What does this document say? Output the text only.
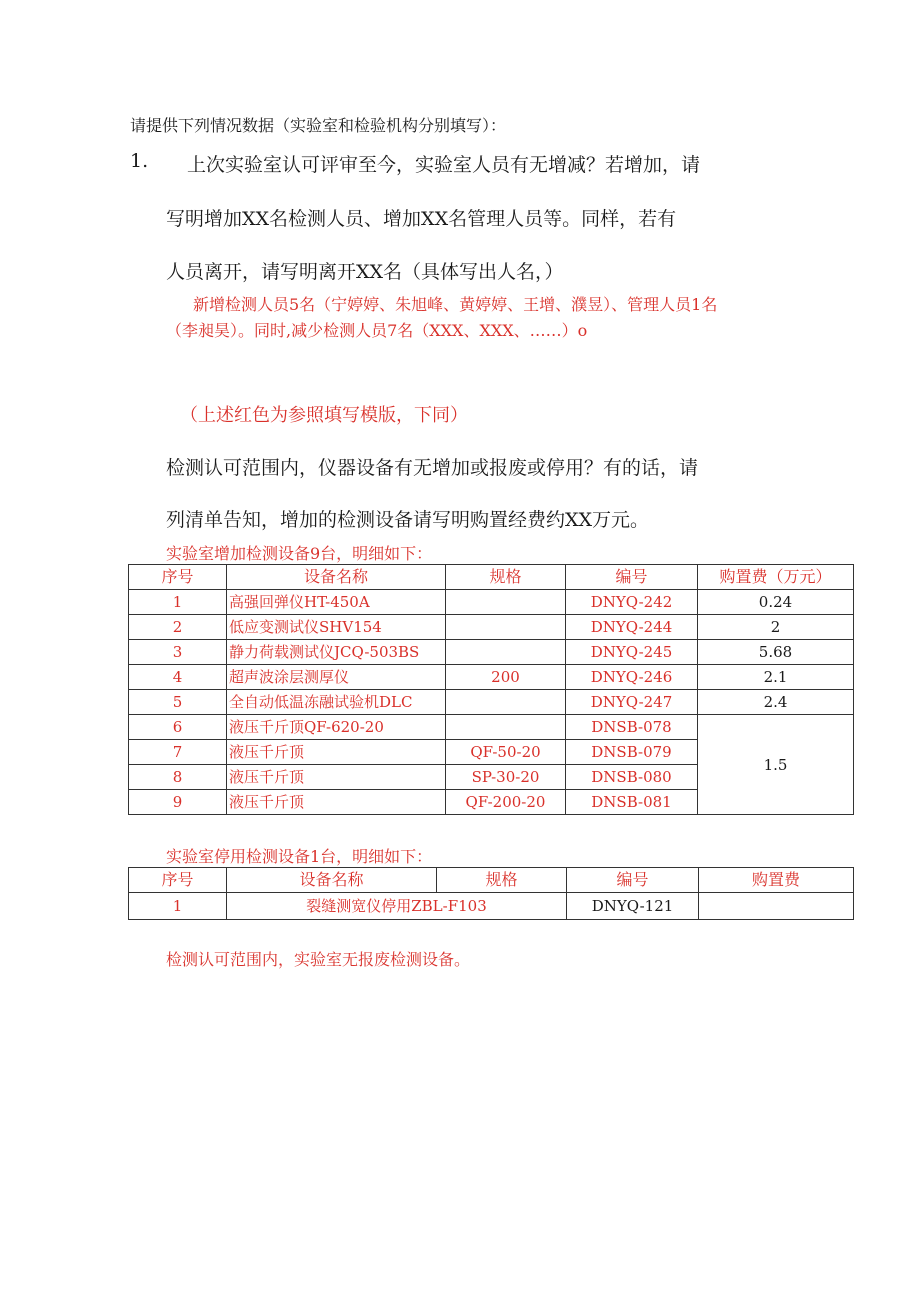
请提供下列情况数据（实验室和检验机构分别填写）：
1. 上次实验室认可评审至今，实验室人员有无增减？若增加，请
写明增加XX名检测人员、增加XX名管理人员等。同样，若有
人员离开，请写明离开XX名（具体写出人名，）
新增检测人员5名（宁婷婷、朱旭峰、黄婷婷、王增、濮昱）、管理人员1名
（李昶昊）。同时,减少检测人员7名（XXX、XXX、……）o
（上述红色为参照填写模版，下同）
检测认可范围内，仪器设备有无增加或报废或停用？有的话，请
列清单告知，增加的检测设备请写明购置经费约XX万元。
实验室增加检测设备9台，明细如下：
序号	设备名称	规格	编号	购置费（万元）
1	高强回弹仪HT-450A		DNYQ-242	0.24
2	低应变测试仪SHV154		DNYQ-244	2
3	静力荷载测试仪JCQ-503BS		DNYQ-245	5.68
4	超声波涂层测厚仪	200	DNYQ-246	2.1
5	全自动低温冻融试验机DLC		DNYQ-247	2.4
6	液压千斤顶QF-620-20		DNSB-078	1.5
7	液压千斤顶	QF-50-20	DNSB-079	
8	液压千斤顶	SP-30-20	DNSB-080	
9	液压千斤顶	QF-200-20	DNSB-081	
实验室停用检测设备1台，明细如下：
序号	设备名称	规格	编号	购置费
1	裂缝测宽仪停用ZBL-F103		DNYQ-121	
检测认可范围内，实验室无报废检测设备。
